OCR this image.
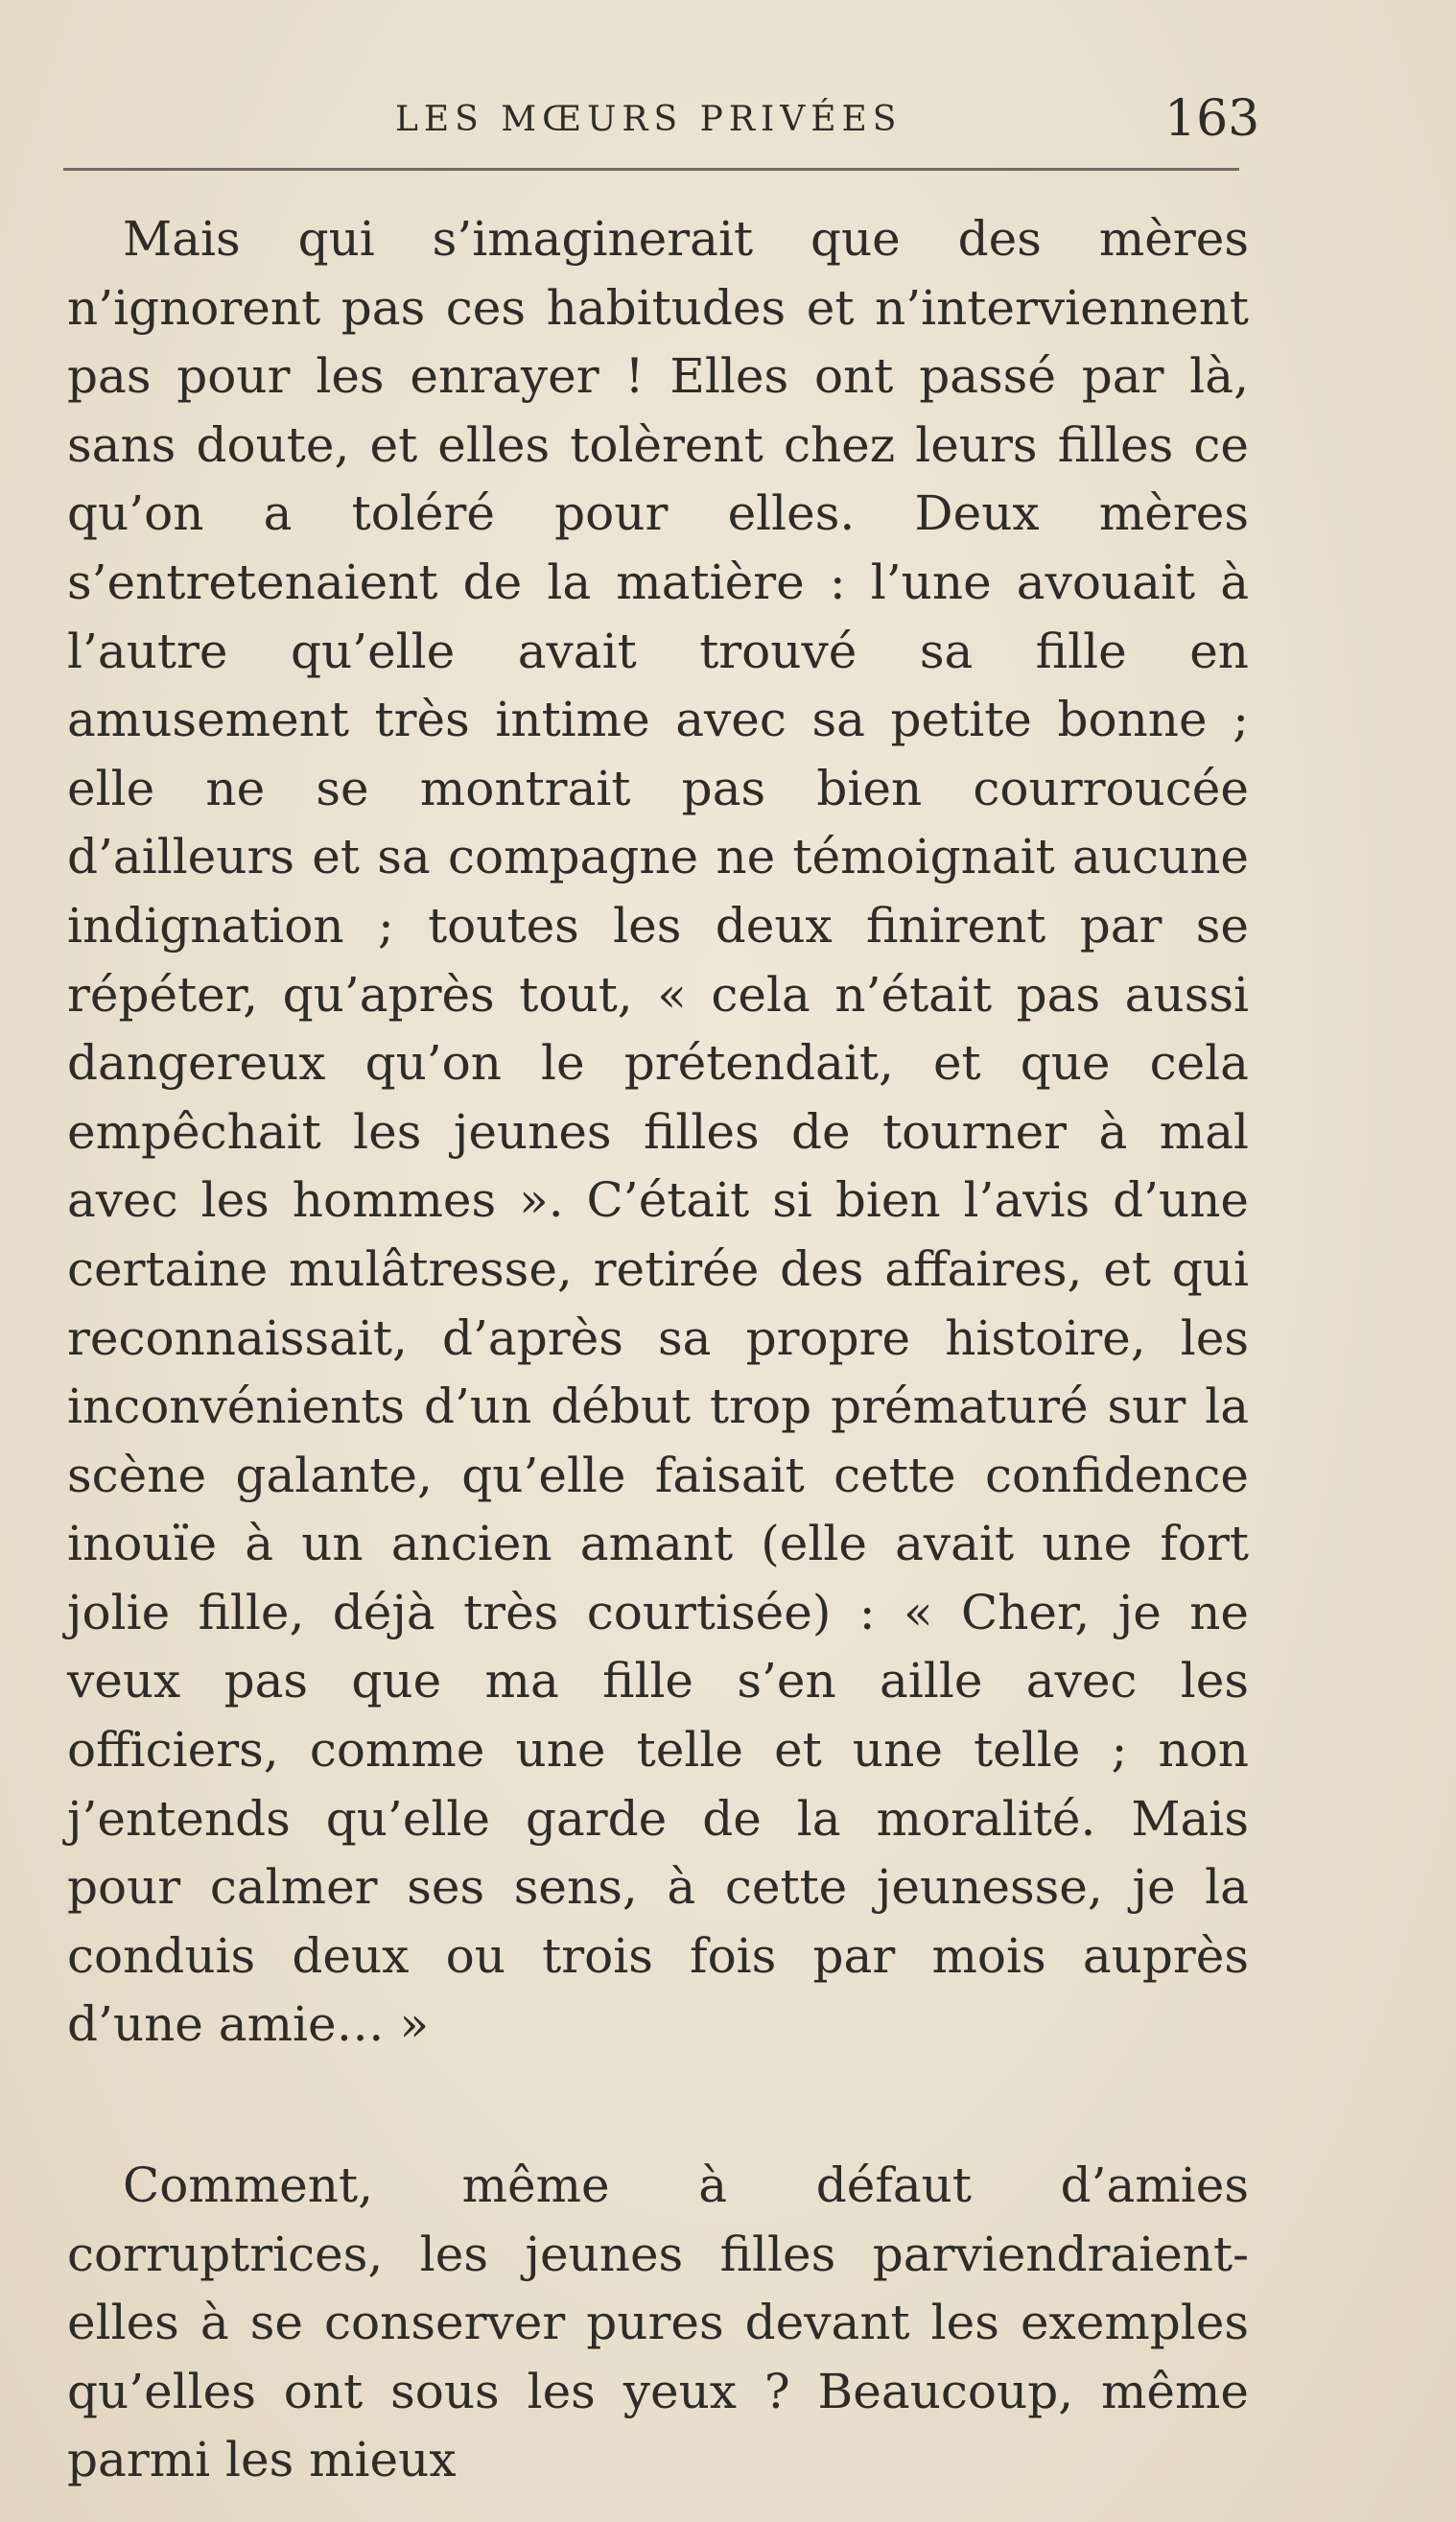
LES MŒURS PRIVÉES	163

Mais qui s’imaginerait que des mères n’ignorent pas ces habitudes et n’interviennent pas pour les enrayer ! Elles ont passé par là, sans doute, et elles tolèrent chez leurs filles ce qu’on a toléré pour elles. Deux mères s’entretenaient de la matière : l’une avouait à l’autre qu’elle avait trouvé sa fille en amusement très intime avec sa petite bonne ; elle ne se montrait pas bien courroucée d’ailleurs et sa compagne ne témoignait aucune indignation ; toutes les deux finirent par se répéter, qu’après tout, « cela n’était pas aussi dangereux qu’on le prétendait, et que cela empêchait les jeunes filles de tourner à mal avec les hommes ». C’était si bien l’avis d’une certaine mulâtresse, retirée des affaires, et qui reconnaissait, d’après sa propre histoire, les inconvénients d’un début trop prématuré sur la scène galante, qu’elle faisait cette confidence inouïe à un ancien amant (elle avait une fort jolie fille, déjà très courtisée) : « Cher, je ne veux pas que ma fille s’en aille avec les officiers, comme une telle et une telle ; non j’entends qu’elle garde de la moralité. Mais pour calmer ses sens, à cette jeunesse, je la conduis deux ou trois fois par mois auprès d’une amie… »

Comment, même à défaut d’amies corruptrices, les jeunes filles parviendraient-elles à se conserver pures devant les exemples qu’elles ont sous les yeux ? Beaucoup, même parmi les mieux
